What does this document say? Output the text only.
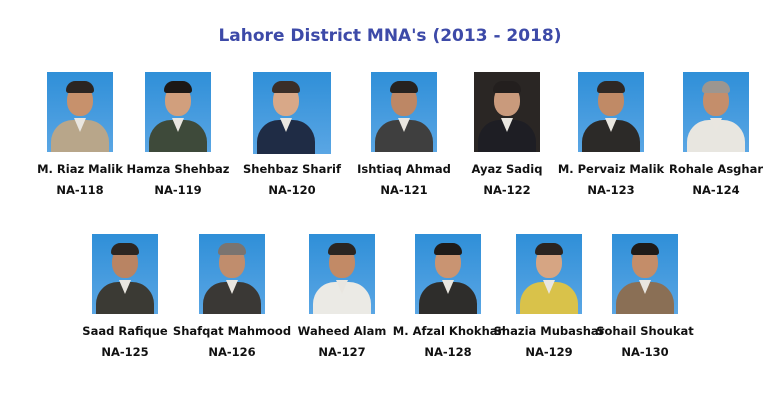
Lahore District MNA's (2013 - 2018)
M. Riaz Malik
NA-118
Hamza Shehbaz
NA-119
Shehbaz Sharif
NA-120
Ishtiaq Ahmad
NA-121
Ayaz Sadiq
NA-122
M. Pervaiz Malik
NA-123
Rohale Asghar
NA-124
Saad Rafique
NA-125
Shafqat Mahmood
NA-126
Waheed Alam
NA-127
M. Afzal Khokhar
NA-128
Shazia Mubashar
NA-129
Sohail Shoukat
NA-130
